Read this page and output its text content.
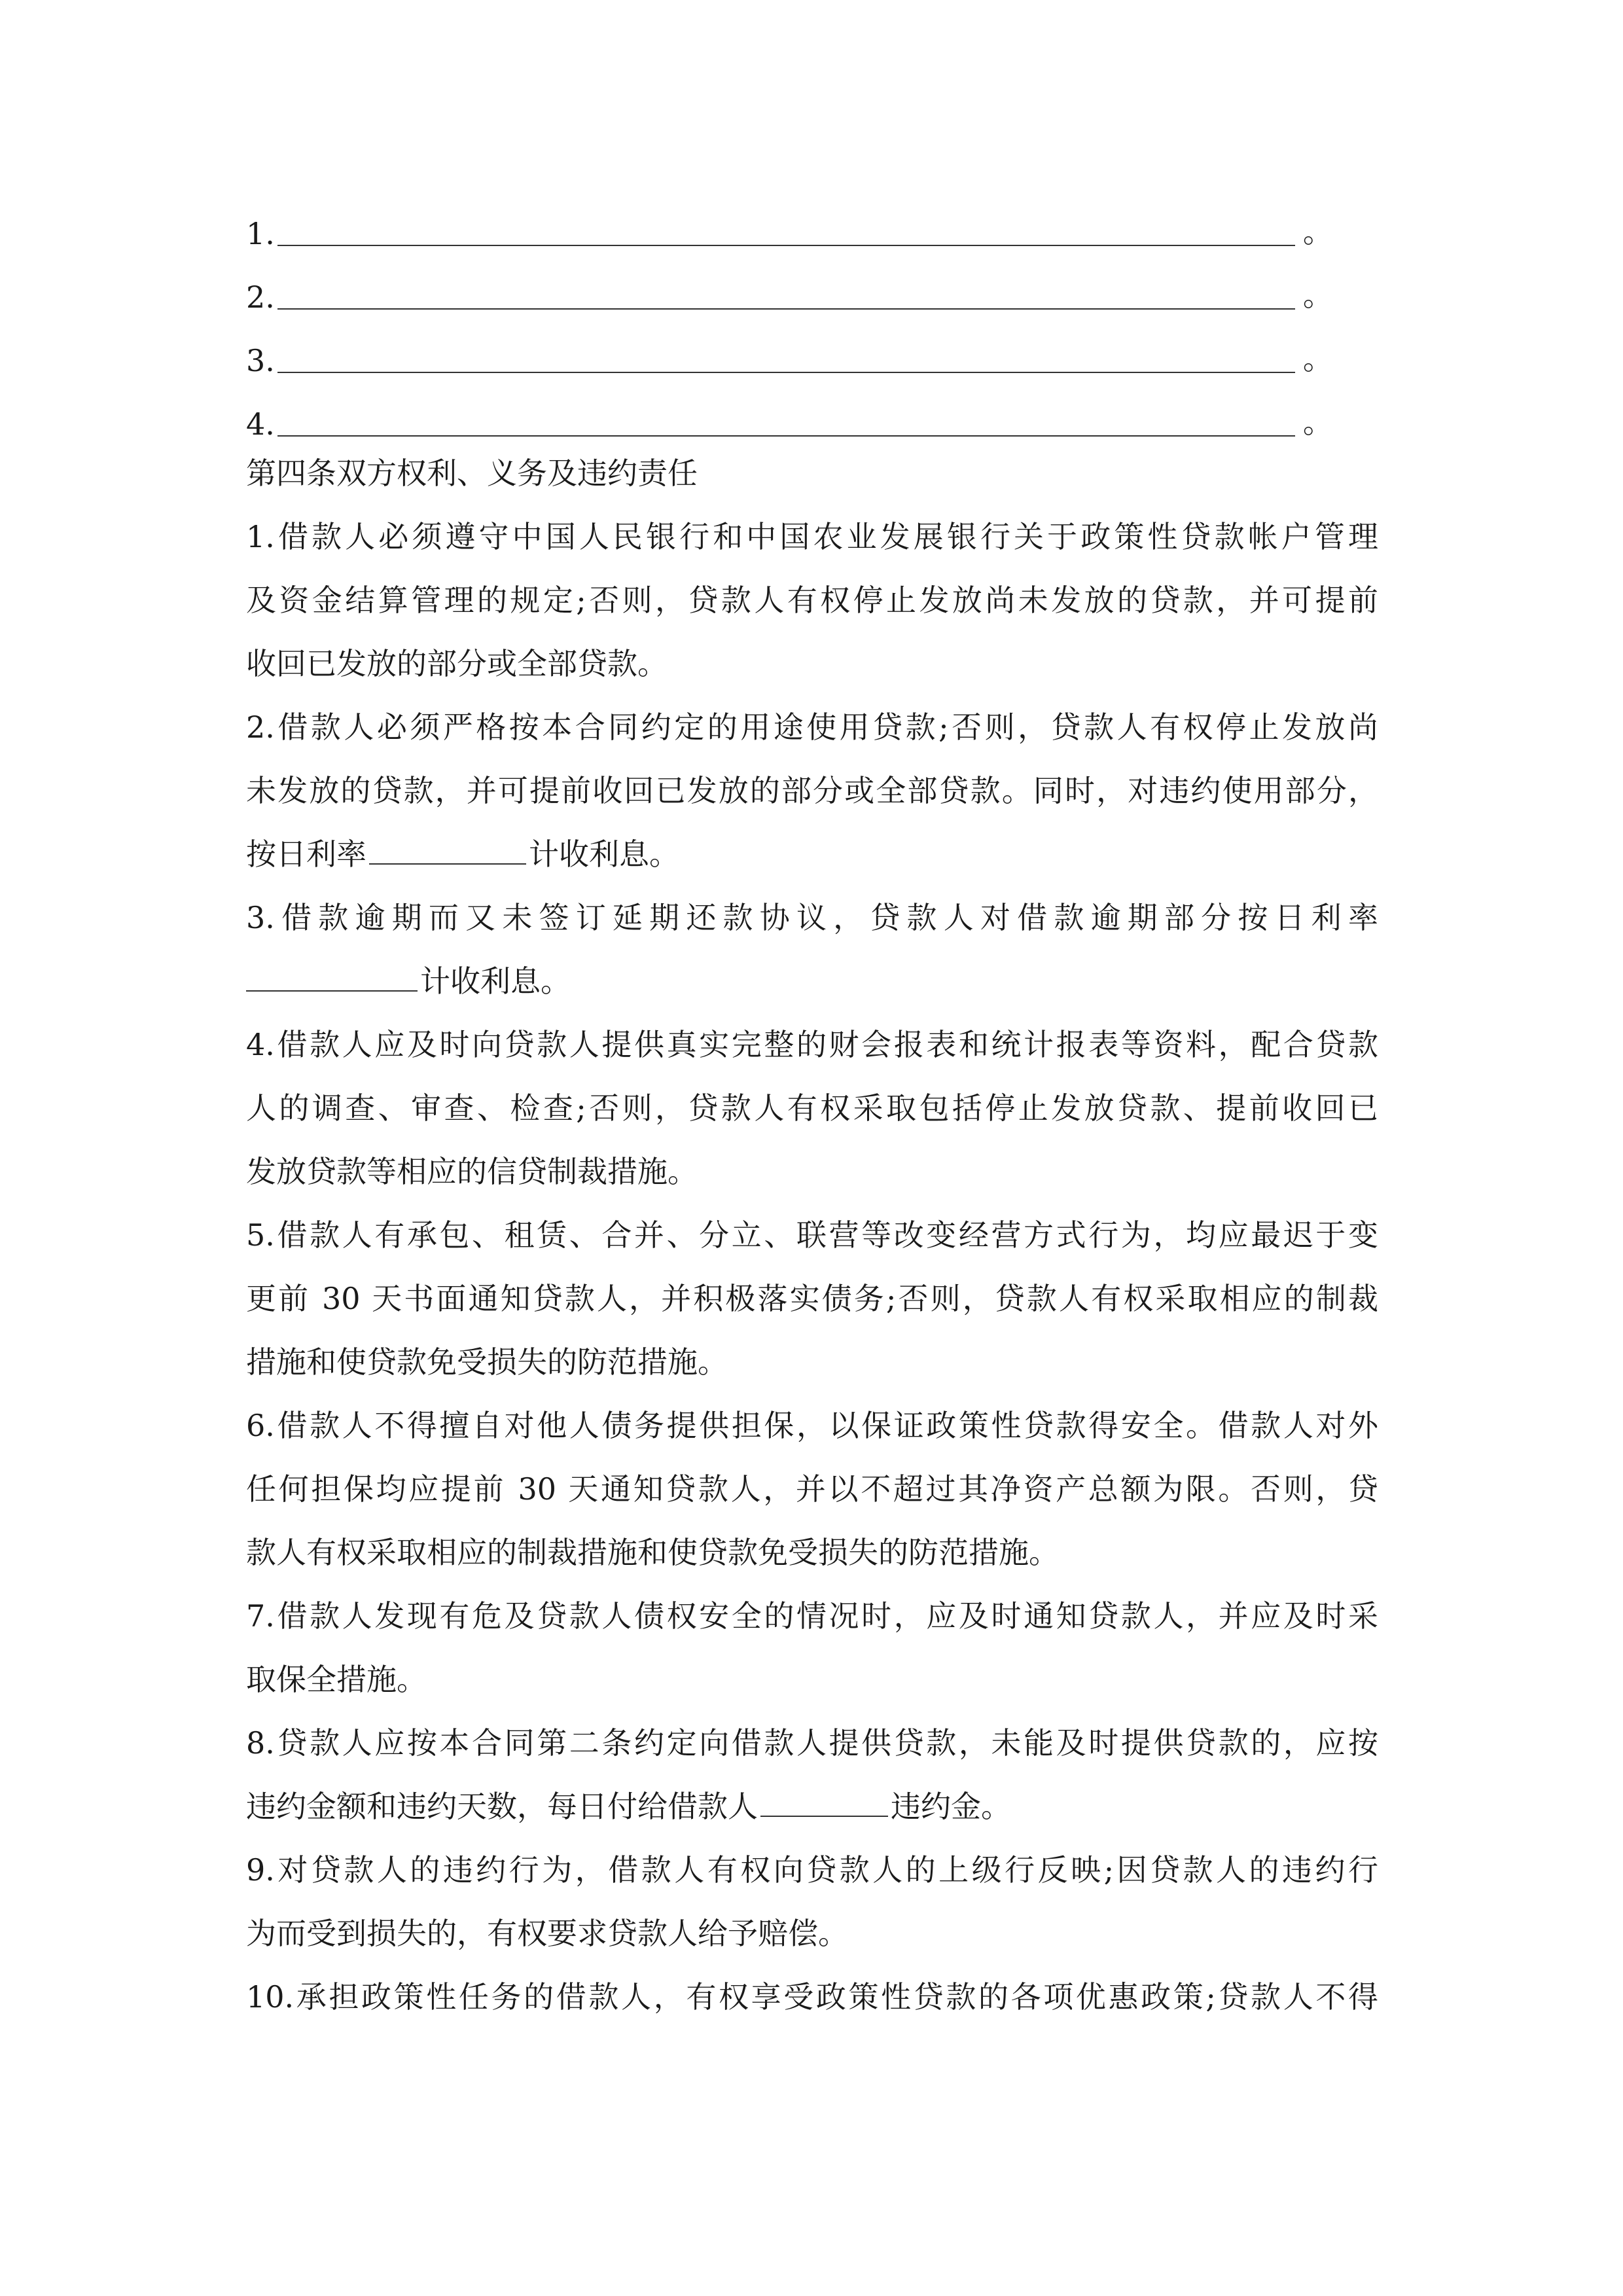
1.	。
2.	。
3.	。
4.	。
第四条双方权利、义务及违约责任
1.借款人必须遵守中国人民银行和中国农业发展银行关于政策性贷款帐户管理
及资金结算管理的规定;否则，贷款人有权停止发放尚未发放的贷款，并可提前
收回已发放的部分或全部贷款。
2.借款人必须严格按本合同约定的用途使用贷款;否则，贷款人有权停止发放尚
未发放的贷款，并可提前收回已发放的部分或全部贷款。同时，对违约使用部分，
按日利率	计收利息。
3.借款逾期而又未签订延期还款协议，贷款人对借款逾期部分按日利率
计收利息。
4.借款人应及时向贷款人提供真实完整的财会报表和统计报表等资料，配合贷款
人的调查、审查、检查;否则，贷款人有权采取包括停止发放贷款、提前收回已
发放贷款等相应的信贷制裁措施。
5.借款人有承包、租赁、合并、分立、联营等改变经营方式行为，均应最迟于变
更前 30 天书面通知贷款人，并积极落实债务;否则，贷款人有权采取相应的制裁
措施和使贷款免受损失的防范措施。
6.借款人不得擅自对他人债务提供担保，以保证政策性贷款得安全。借款人对外
任何担保均应提前 30 天通知贷款人，并以不超过其净资产总额为限。否则，贷
款人有权采取相应的制裁措施和使贷款免受损失的防范措施。
7.借款人发现有危及贷款人债权安全的情况时，应及时通知贷款人，并应及时采
取保全措施。
8.贷款人应按本合同第二条约定向借款人提供贷款，未能及时提供贷款的，应按
违约金额和违约天数，每日付给借款人	违约金。
9.对贷款人的违约行为，借款人有权向贷款人的上级行反映;因贷款人的违约行
为而受到损失的，有权要求贷款人给予赔偿。
10.承担政策性任务的借款人，有权享受政策性贷款的各项优惠政策;贷款人不得
